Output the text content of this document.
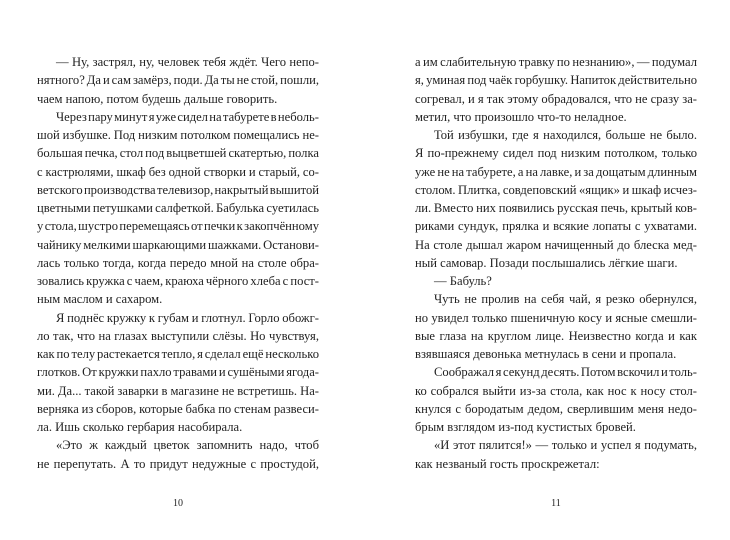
— Ну, застрял, ну, человек тебя ждёт. Чего непо-
нятного? Да и сам замёрз, поди. Да ты не стой, пошли,
чаем напою, потом будешь дальше говорить.
Через пару минут я уже сидел на табурете в неболь-
шой избушке. Под низким потолком помещались не-
большая печка, стол под выцветшей скатертью, полка
с кастрюлями, шкаф без одной створки и старый, со-
ветского производства телевизор, накрытый вышитой
цветными петушками салфеткой. Бабулька суетилась
у стола, шустро перемещаясь от печки к закопчённому
чайнику мелкими шаркающими шажками. Останови-
лась только тогда, когда передо мной на столе обра-
зовались кружка с чаем, краюха чёрного хлеба с пост-
ным маслом и сахаром.
Я поднёс кружку к губам и глотнул. Горло обожг-
ло так, что на глазах выступили слёзы. Но чувствуя,
как по телу растекается тепло, я сделал ещё несколько
глотков. От кружки пахло травами и сушёными ягода-
ми. Да... такой заварки в магазине не встретишь. На-
верняка из сборов, которые бабка по стенам развеси-
ла. Ишь сколько гербария насобирала.
«Это ж каждый цветок запомнить надо, чтоб
не перепутать. А то придут недужные с простудой,
а им слабительную травку по незнанию», — подумал
я, уминая под чаёк горбушку. Напиток действительно
согревал, и я так этому обрадовался, что не сразу за-
метил, что произошло что-то неладное.
Той избушки, где я находился, больше не было.
Я по-прежнему сидел под низким потолком, только
уже не на табурете, а на лавке, и за дощатым длинным
столом. Плитка, совдеповский «ящик» и шкаф исчез-
ли. Вместо них появились русская печь, крытый ков-
риками сундук, прялка и всякие лопаты с ухватами.
На столе дышал жаром начищенный до блеска мед-
ный самовар. Позади послышались лёгкие шаги.
— Бабуль?
Чуть не пролив на себя чай, я резко обернулся,
но увидел только пшеничную косу и ясные смешли-
вые глаза на круглом лице. Неизвестно когда и как
взявшаяся девонька метнулась в сени и пропала.
Соображал я секунд десять. Потом вскочил и толь-
ко собрался выйти из-за стола, как нос к носу стол-
кнулся с бородатым дедом, сверлившим меня недо-
брым взглядом из-под кустистых бровей.
«И этот пялится!» — только и успел я подумать,
как незваный гость проскрежетал:
10	11
